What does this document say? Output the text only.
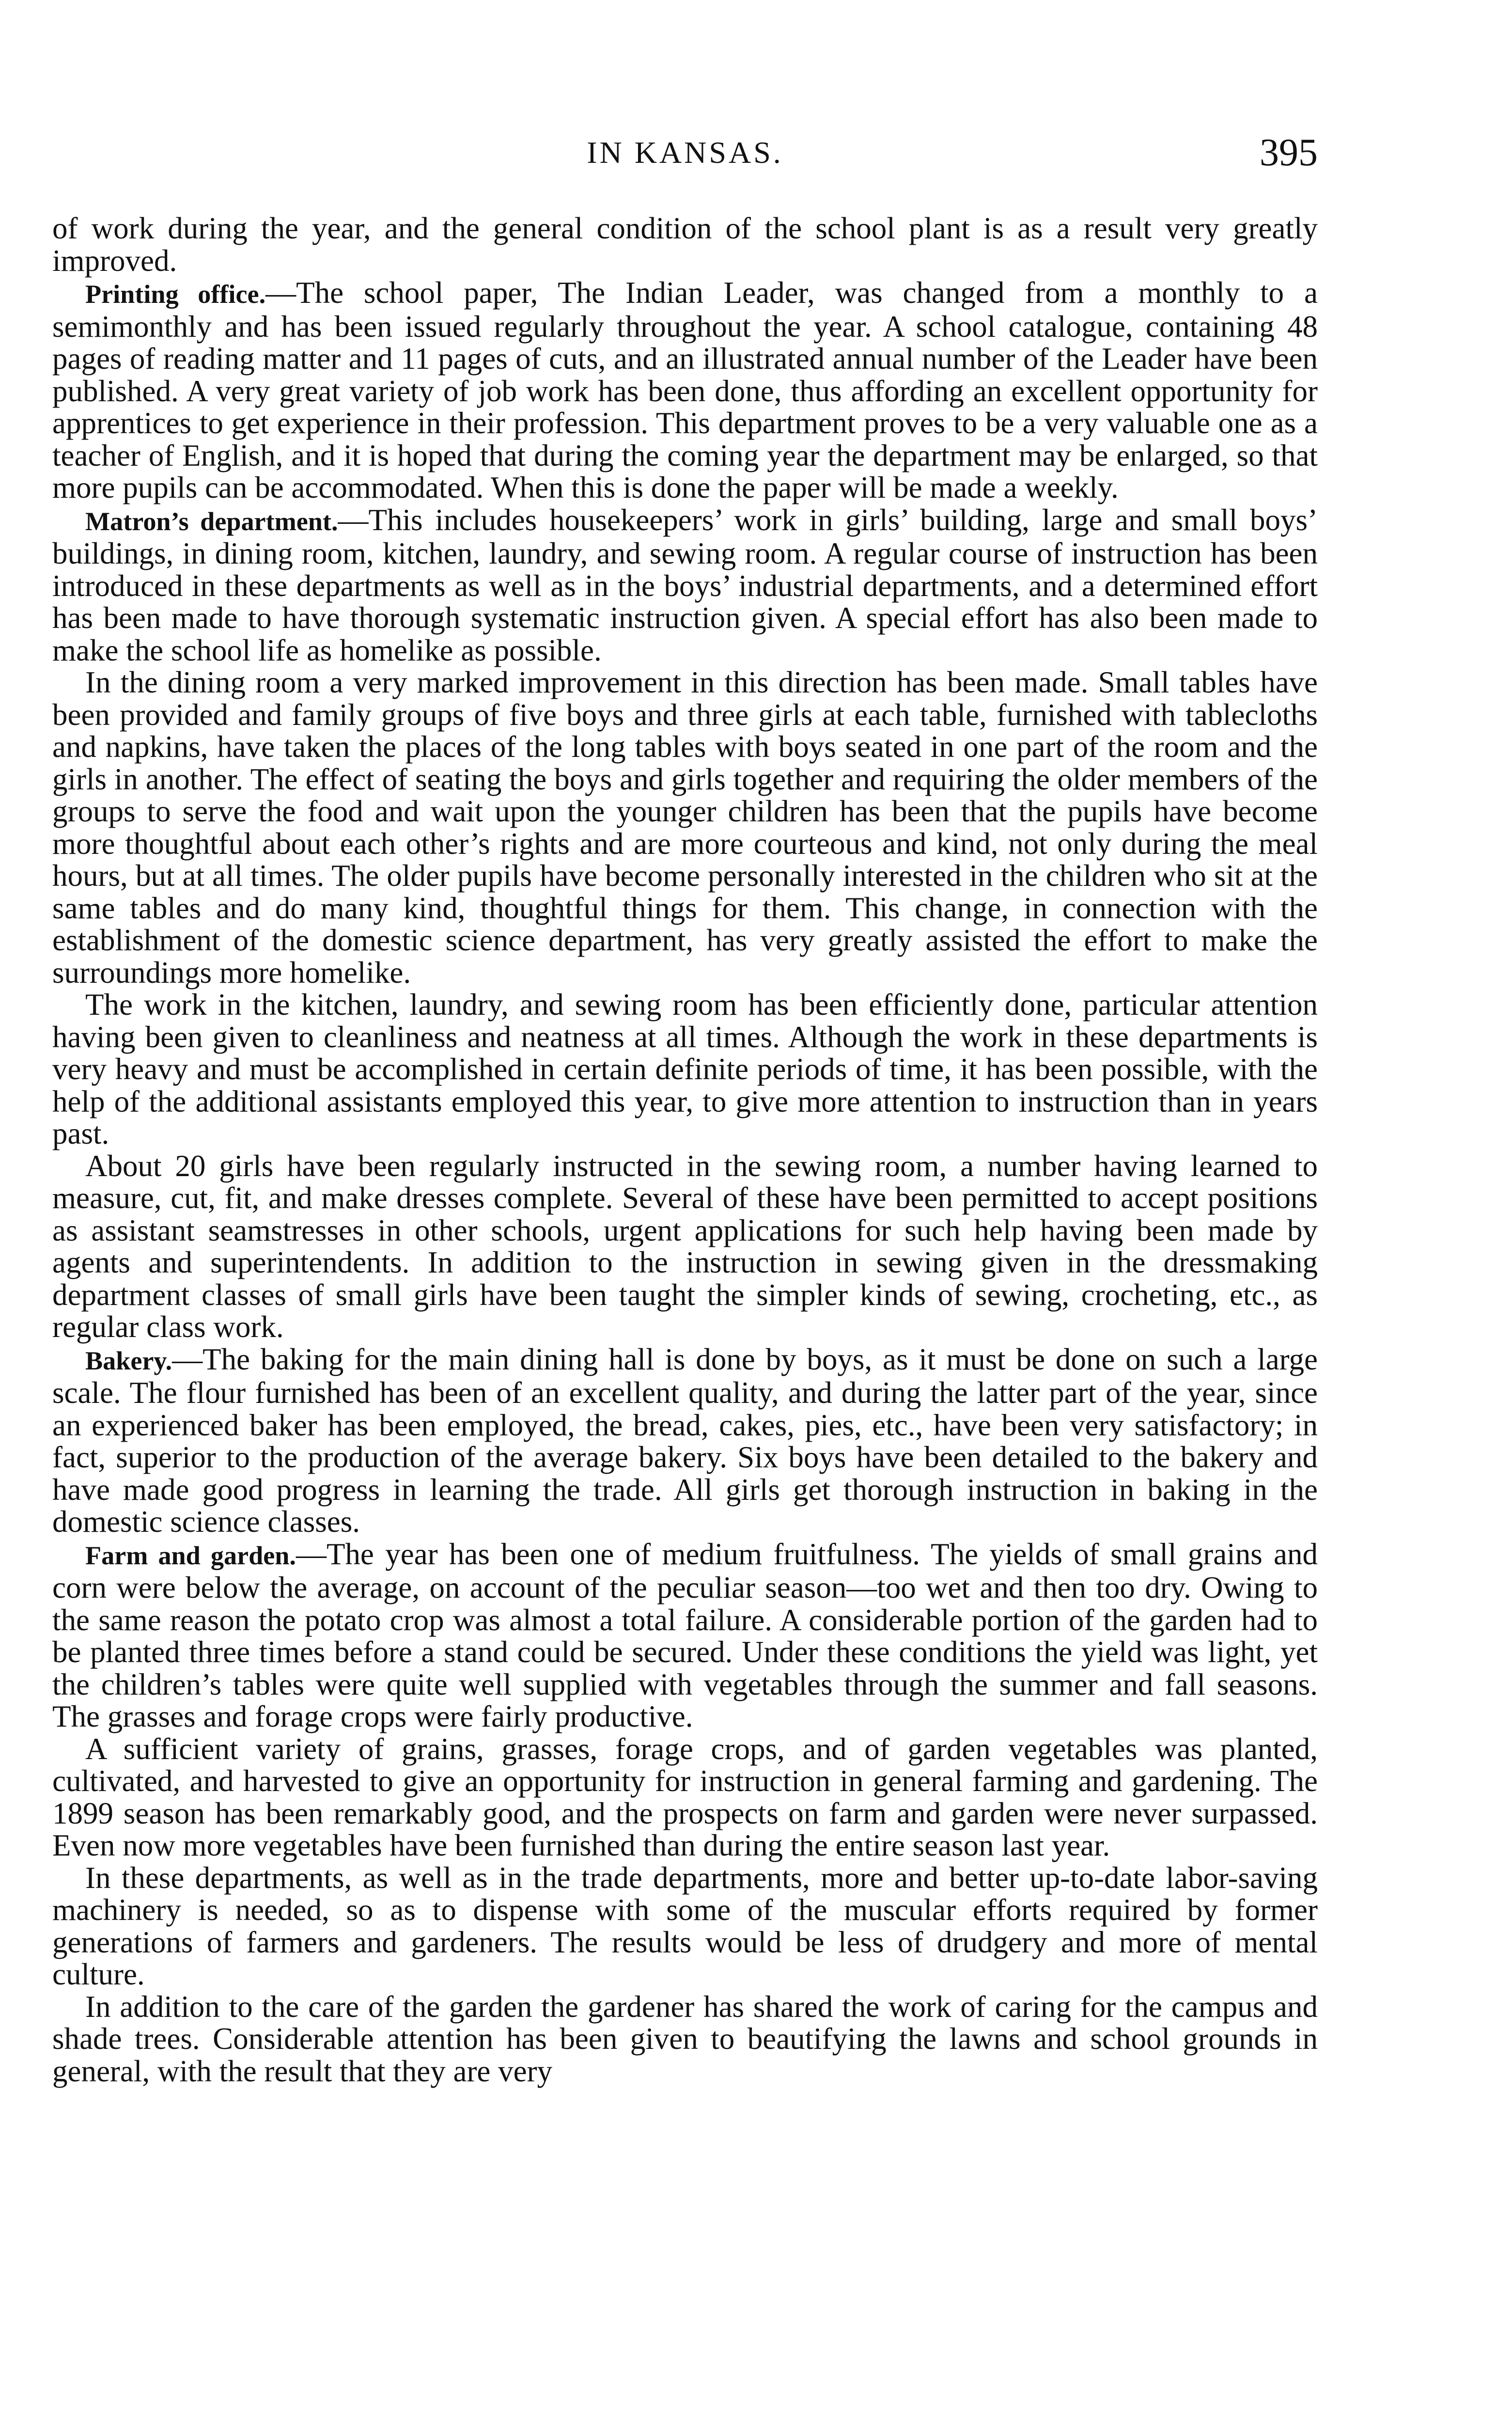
IN KANSAS.	395

of work during the year, and the general condition of the school plant is as a result very greatly improved.

Printing office.—The school paper, The Indian Leader, was changed from a monthly to a semimonthly and has been issued regularly throughout the year. A school catalogue, containing 48 pages of reading matter and 11 pages of cuts, and an illustrated annual number of the Leader have been published. A very great variety of job work has been done, thus affording an excellent opportunity for apprentices to get experience in their profession. This department proves to be a very valuable one as a teacher of English, and it is hoped that during the coming year the department may be enlarged, so that more pupils can be accommodated. When this is done the paper will be made a weekly.

Matron’s department.—This includes housekeepers’ work in girls’ building, large and small boys’ buildings, in dining room, kitchen, laundry, and sewing room. A regular course of instruction has been introduced in these departments as well as in the boys’ industrial departments, and a determined effort has been made to have thorough systematic instruction given. A special effort has also been made to make the school life as homelike as possible.

In the dining room a very marked improvement in this direction has been made. Small tables have been provided and family groups of five boys and three girls at each table, furnished with tablecloths and napkins, have taken the places of the long tables with boys seated in one part of the room and the girls in another. The effect of seating the boys and girls together and requiring the older members of the groups to serve the food and wait upon the younger children has been that the pupils have become more thoughtful about each other’s rights and are more courteous and kind, not only during the meal hours, but at all times. The older pupils have become personally interested in the children who sit at the same tables and do many kind, thoughtful things for them. This change, in connection with the establishment of the domestic science department, has very greatly assisted the effort to make the surroundings more homelike.

The work in the kitchen, laundry, and sewing room has been efficiently done, particular attention having been given to cleanliness and neatness at all times. Although the work in these departments is very heavy and must be accomplished in certain definite periods of time, it has been possible, with the help of the additional assistants employed this year, to give more attention to instruction than in years past.

About 20 girls have been regularly instructed in the sewing room, a number having learned to measure, cut, fit, and make dresses complete. Several of these have been permitted to accept positions as assistant seamstresses in other schools, urgent applications for such help having been made by agents and superintendents. In addition to the instruction in sewing given in the dressmaking department classes of small girls have been taught the simpler kinds of sewing, crocheting, etc., as regular class work.

Bakery.—The baking for the main dining hall is done by boys, as it must be done on such a large scale. The flour furnished has been of an excellent quality, and during the latter part of the year, since an experienced baker has been employed, the bread, cakes, pies, etc., have been very satisfactory; in fact, superior to the production of the average bakery. Six boys have been detailed to the bakery and have made good progress in learning the trade. All girls get thorough instruction in baking in the domestic science classes.

Farm and garden.—The year has been one of medium fruitfulness. The yields of small grains and corn were below the average, on account of the peculiar season—too wet and then too dry. Owing to the same reason the potato crop was almost a total failure. A considerable portion of the garden had to be planted three times before a stand could be secured. Under these conditions the yield was light, yet the children’s tables were quite well supplied with vegetables through the summer and fall seasons. The grasses and forage crops were fairly productive.

A sufficient variety of grains, grasses, forage crops, and of garden vegetables was planted, cultivated, and harvested to give an opportunity for instruction in general farming and gardening. The 1899 season has been remarkably good, and the prospects on farm and garden were never surpassed. Even now more vegetables have been furnished than during the entire season last year.

In these departments, as well as in the trade departments, more and better up-to-date labor-saving machinery is needed, so as to dispense with some of the muscular efforts required by former generations of farmers and gardeners. The results would be less of drudgery and more of mental culture.

In addition to the care of the garden the gardener has shared the work of caring for the campus and shade trees. Considerable attention has been given to beautifying the lawns and school grounds in general, with the result that they are very
